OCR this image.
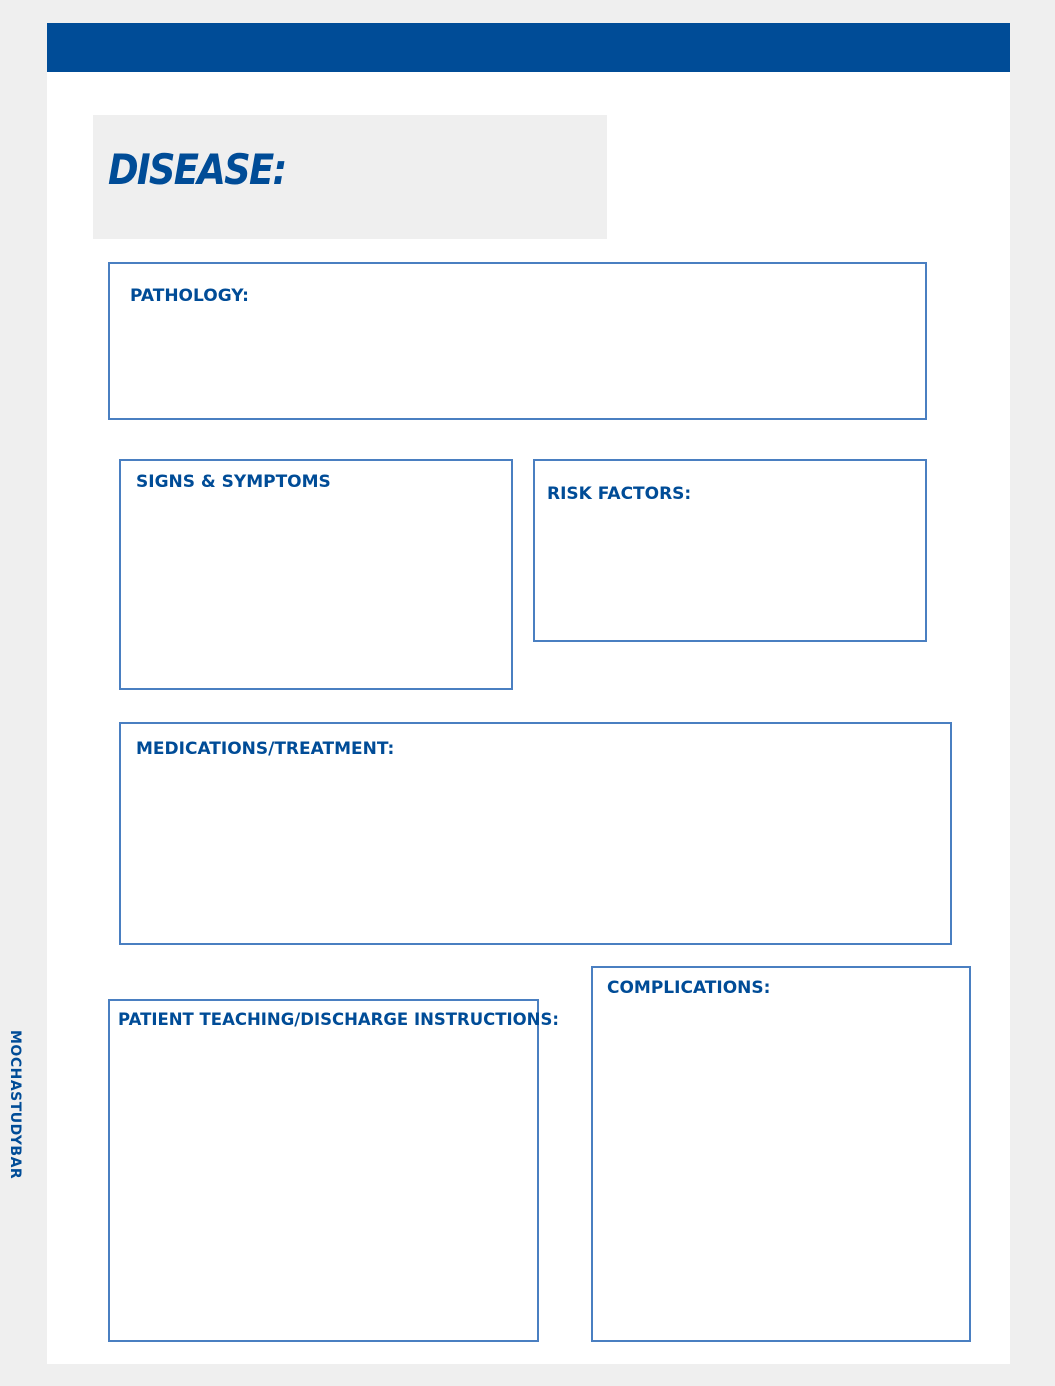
DISEASE:
PATHOLOGY:
SIGNS & SYMPTOMS
RISK FACTORS:
MEDICATIONS/TREATMENT:
PATIENT TEACHING/DISCHARGE INSTRUCTIONS:
COMPLICATIONS:

MOCHASTUDYBAR
